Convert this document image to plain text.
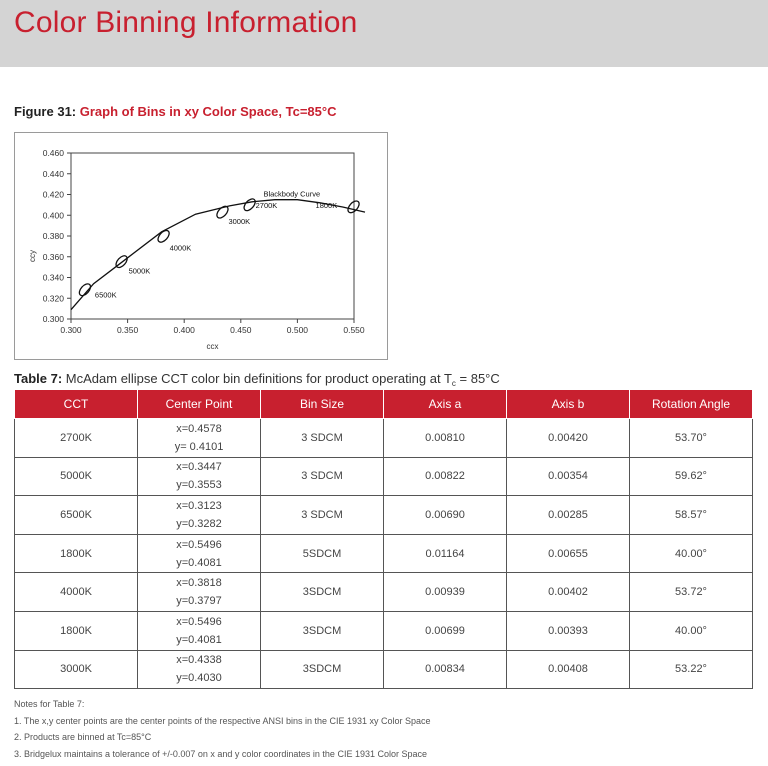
Color Binning Information
Figure 31: Graph of Bins in xy Color Space, Tc=85°C
0.300	0.350	0.400	0.450	0.500	0.550
0.300
0.320
0.340
0.360
0.380
0.400
0.420
0.440
0.460
ccx
ccy
Blackbody Curve
6500K
5000K
4000K
3000K
2700K	1800K
Table 7: McAdam ellipse CCT color bin definitions for product operating at $T_c = 85^\circ C$
CCT	Center Point	Bin Size	Axis a	Axis b	Rotation Angle
2700K	x=0.4578
y= 0.4101	3 SDCM	0.00810	0.00420	53.70°
5000K	x=0.3447
y=0.3553	3 SDCM	0.00822	0.00354	59.62°
6500K	x=0.3123
y=0.3282	3 SDCM	0.00690	0.00285	58.57°
1800K	x=0.5496
y=0.4081	5SDCM	0.01164	0.00655	40.00°
4000K	x=0.3818
y=0.3797	3SDCM	0.00939	0.00402	53.72°
1800K	x=0.5496
y=0.4081	3SDCM	0.00699	0.00393	40.00°
3000K	x=0.4338
y=0.4030	3SDCM	0.00834	0.00408	53.22°
Notes for Table 7:
1. The x,y center points are the center points of the respective ANSI bins in the CIE 1931 xy Color Space
2. Products are binned at Tc=85°C
3. Bridgelux maintains a tolerance of +/-0.007 on x and y color coordinates in the CIE 1931 Color Space
